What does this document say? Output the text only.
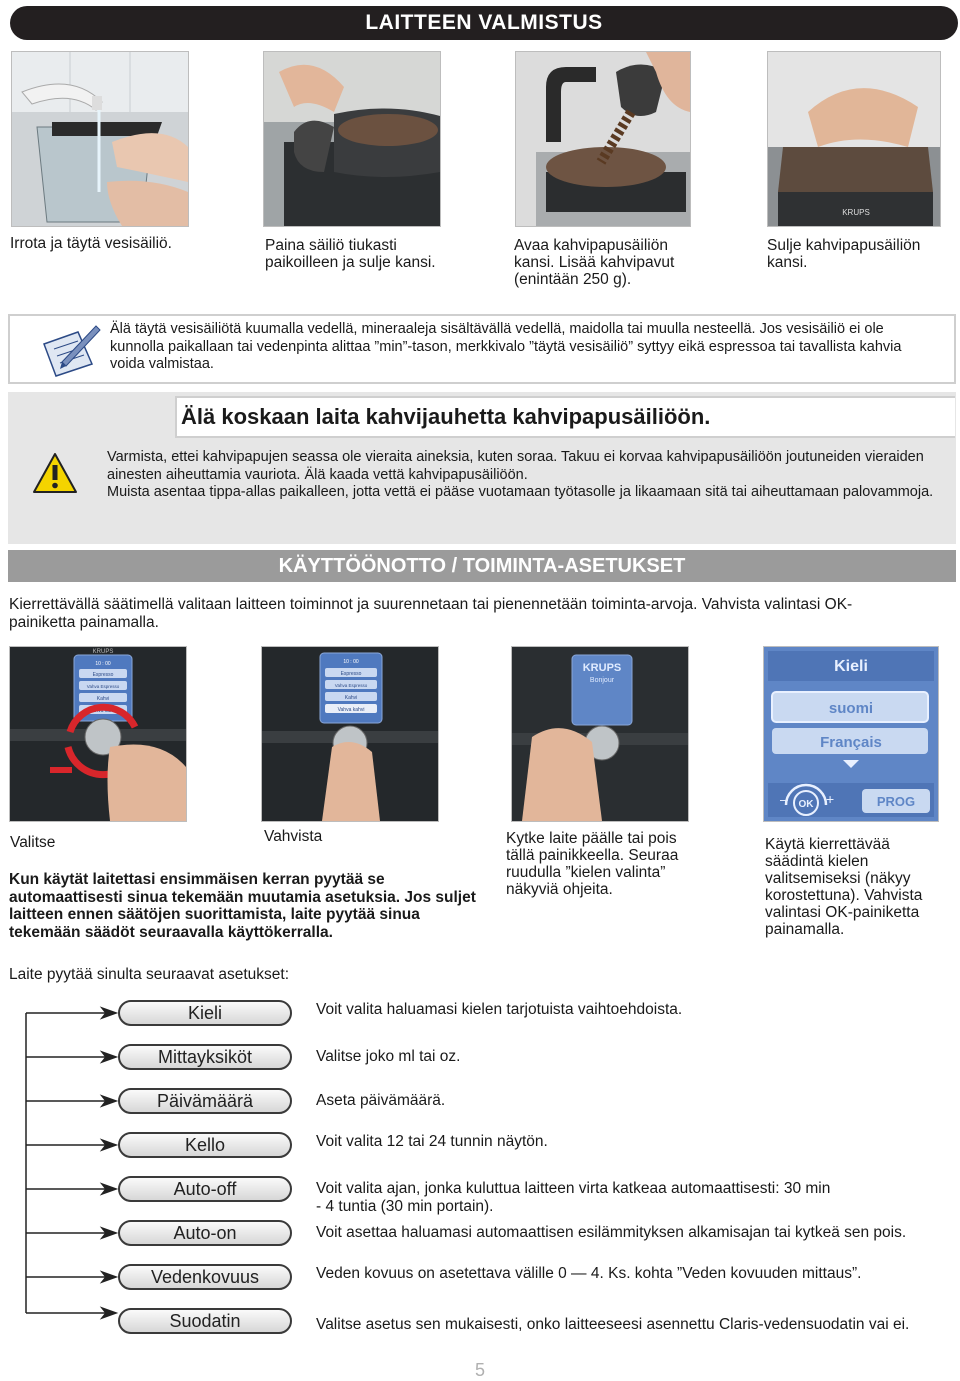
LAITTEEN VALMISTUS
KRUPS
Irrota ja täytä vesisäiliö.	Paina säiliö tiukasti paikoilleen ja sulje kansi.
Avaa kahvipapusäiliön kansi. Lisää kahvipavut (enintään 250 g).
Sulje kahvipapusäiliön kansi.
Älä täytä vesisäiliötä kuumalla vedellä, mineraaleja sisältävällä vedellä, maidolla tai muulla nesteellä. Jos vesisäiliö ei ole kunnolla paikallaan tai vedenpinta alittaa ”min”-tason, merkkivalo ”täytä vesisäiliö” syttyy eikä espressoa tai tavallista kahvia voida valmistaa.
Varmista, ettei kahvipapujen seassa ole vieraita aineksia, kuten soraa. Takuu ei korvaa kahvipapusäiliöön joutuneiden vieraiden ainesten aiheuttamia vauriota. Älä kaada vettä kahvipapusäiliöön.
Muista asentaa tippa-allas paikalleen, jotta vettä ei pääse vuotamaan työtasolle ja likaamaan sitä tai aiheuttamaan palovammoja.
Älä koskaan laita kahvijauhetta kahvipapusäiliöön.
KÄYTTÖÖNOTTO / TOIMINTA-ASETUKSET
Kierrettävällä säätimellä valitaan laitteen toiminnot ja suurennetaan tai pienennetään toiminta-arvoja. Vahvista valintasi OK-painiketta painamalla.
KRUPS
10 : 00
Espresso
Vahva Espresso
Kahvi
Vahva kahvi
10 : 00
Espresso
Vahva Espresso
Kahvi
Vahva kahvi
KRUPS
Bonjour
Kieli
suomi
Français
–	+
OK	PROG
Valitse	Vahvista	Kytke laite päälle tai pois tällä painikkeella. Seuraa ruudulla ”kielen valinta” näkyviä ohjeita.
Käytä kierrettävää säädintä kielen valitsemiseksi (näkyy korostettuna). Vahvista valintasi OK-painiketta painamalla.
Kun käytät laitettasi ensimmäisen kerran pyytää se automaattisesti sinua tekemään muutamia asetuksia. Jos suljet laitteen ennen säätöjen suorittamista, laite pyytää sinua tekemään säädöt seuraavalla käyttökerralla.
Laite pyytää sinulta seuraavat asetukset:
Kieli	Voit valita haluamasi kielen tarjotuista vaihtoehdoista.
Mittayksiköt	Valitse joko ml tai oz.
Päivämäärä	Aseta päivämäärä.
Kello	Voit valita 12 tai 24 tunnin näytön.
Auto-off	Voit valita ajan, jonka kuluttua laitteen virta katkeaa automaattisesti: 30 min - 4 tuntia (30 min portain).
Auto-on	Voit asettaa haluamasi automaattisen esilämmityksen alkamisajan tai kytkeä sen pois.
Vedenkovuus	Veden kovuus on asetettava välille 0 — 4. Ks. kohta ”Veden kovuuden mittaus”.
Suodatin	Valitse asetus sen mukaisesti, onko laitteeseesi asennettu Claris-vedensuodatin vai ei.
5
